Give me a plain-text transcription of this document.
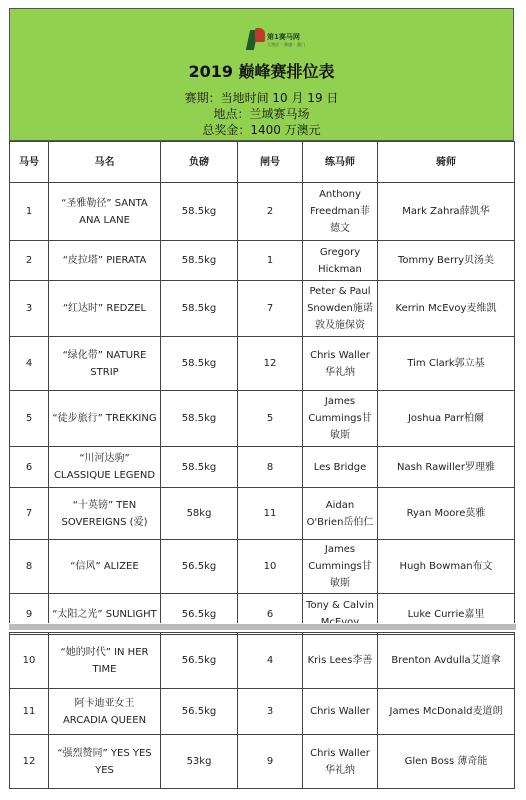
第1赛马网
大湾区 · 香港 · 澳门
2019 巅峰赛排位表
赛期：当地时间 10 月 19 日
地点：兰域赛马场
总奖金：1400 万澳元
马号	马名	负磅	闸号	练马师	骑师
1	“圣雅勒径” SANTA ANA LANE	58.5kg	2	Anthony Freedman菲德文	Mark Zahra薛凯华
2	“皮拉塔” PIERATA	58.5kg	1	Gregory Hickman	Tommy Berry贝汤美
3	“红达时” REDZEL	58.5kg	7	Peter & Paul Snowden施诺敦及施保资	Kerrin McEvoy麦维凯
4	“绿化带” NATURE STRIP	58.5kg	12	Chris Waller华礼纳	Tim Clark郭立基
5	“徒步旅行” TREKKING	58.5kg	5	James Cummings甘敏斯	Joshua Parr柏爾
6	“川河达驹” CLASSIQUE LEGEND	58.5kg	8	Les Bridge	Nash Rawiller罗理雅
7	“十英镑” TEN SOVEREIGNS (爱)	58kg	11	Aidan O'Brien岳伯仁	Ryan Moore莫雅
8	“信风” ALIZEE	56.5kg	10	James Cummings甘敏斯	Hugh Bowman布文
9	“太阳之光” SUNLIGHT	56.5kg	6	Tony & Calvin	Luke Currie嘉里
10	“她的时代” IN HER TIME	56.5kg	4	Kris Lees李善	Brenton Avdulla艾道拿
11	阿卡迪亚女王 ARCADIA QUEEN	56.5kg	3	Chris Waller	James McDonald麦道朗
12	“强烈赞同” YES YES YES	53kg	9	Chris Waller华礼纳	Glen Boss 薄奇能
